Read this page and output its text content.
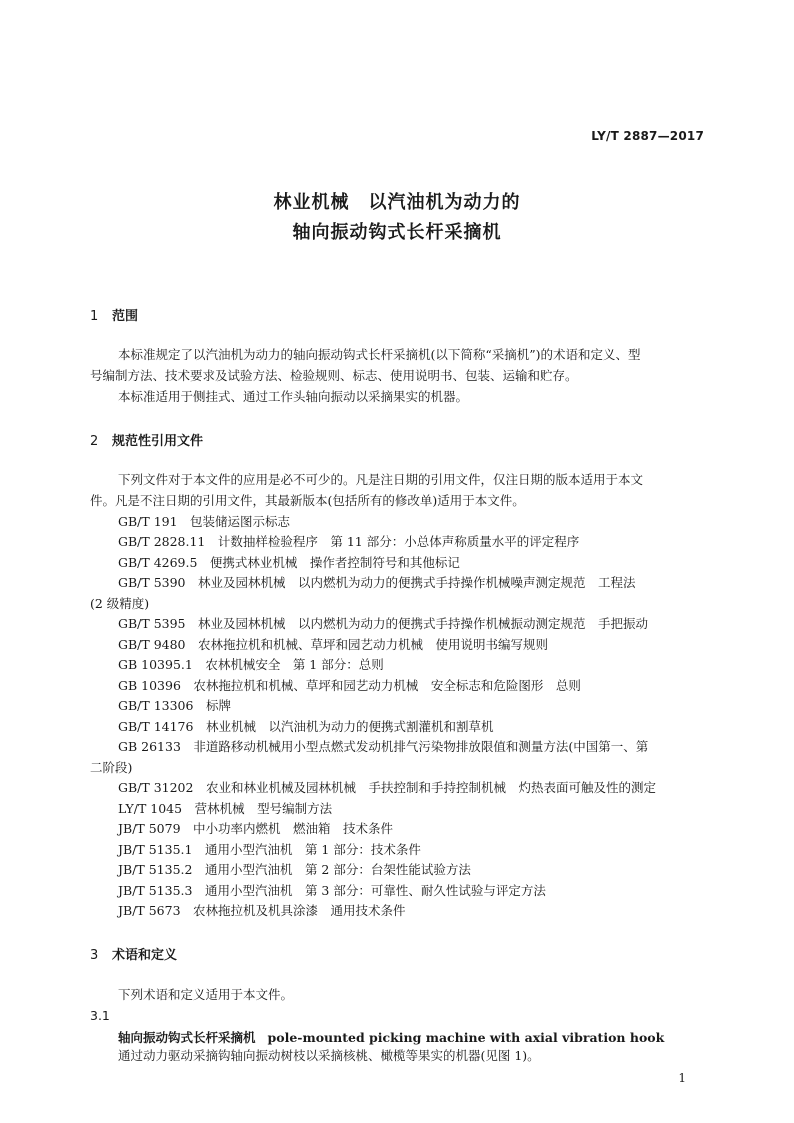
LY/T 2887—2017
林业机械　以汽油机为动力的
轴向振动钩式长杆采摘机
1 范围
本标准规定了以汽油机为动力的轴向振动钩式长杆采摘机(以下简称“采摘机”)的术语和定义、型
号编制方法、技术要求及试验方法、检验规则、标志、使用说明书、包装、运输和贮存。
本标准适用于侧挂式、通过工作头轴向振动以采摘果实的机器。
2 规范性引用文件
下列文件对于本文件的应用是必不可少的。凡是注日期的引用文件，仅注日期的版本适用于本文
件。凡是不注日期的引用文件，其最新版本(包括所有的修改单)适用于本文件。
GB/T 191　包装储运图示标志
GB/T 2828.11　计数抽样检验程序　第 11 部分：小总体声称质量水平的评定程序
GB/T 4269.5　便携式林业机械　操作者控制符号和其他标记
GB/T 5390　林业及园林机械　以内燃机为动力的便携式手持操作机械噪声测定规范　工程法
(2 级精度)
GB/T 5395　林业及园林机械　以内燃机为动力的便携式手持操作机械振动测定规范　手把振动
GB/T 9480　农林拖拉机和机械、草坪和园艺动力机械　使用说明书编写规则
GB 10395.1　农林机械安全　第 1 部分：总则
GB 10396　农林拖拉机和机械、草坪和园艺动力机械　安全标志和危险图形　总则
GB/T 13306　标牌
GB/T 14176　林业机械　以汽油机为动力的便携式割灌机和割草机
GB 26133　非道路移动机械用小型点燃式发动机排气污染物排放限值和测量方法(中国第一、第
二阶段)
GB/T 31202　农业和林业机械及园林机械　手扶控制和手持控制机械　灼热表面可触及性的测定
LY/T 1045　营林机械　型号编制方法
JB/T 5079　中小功率内燃机　燃油箱　技术条件
JB/T 5135.1　通用小型汽油机　第 1 部分：技术条件
JB/T 5135.2　通用小型汽油机　第 2 部分：台架性能试验方法
JB/T 5135.3　通用小型汽油机　第 3 部分：可靠性、耐久性试验与评定方法
JB/T 5673　农林拖拉机及机具涂漆　通用技术条件
3 术语和定义
下列术语和定义适用于本文件。
3.1
轴向振动钩式长杆采摘机 pole-mounted picking machine with axial vibration hook
通过动力驱动采摘钩轴向振动树枝以采摘核桃、橄榄等果实的机器(见图 1)。
1
